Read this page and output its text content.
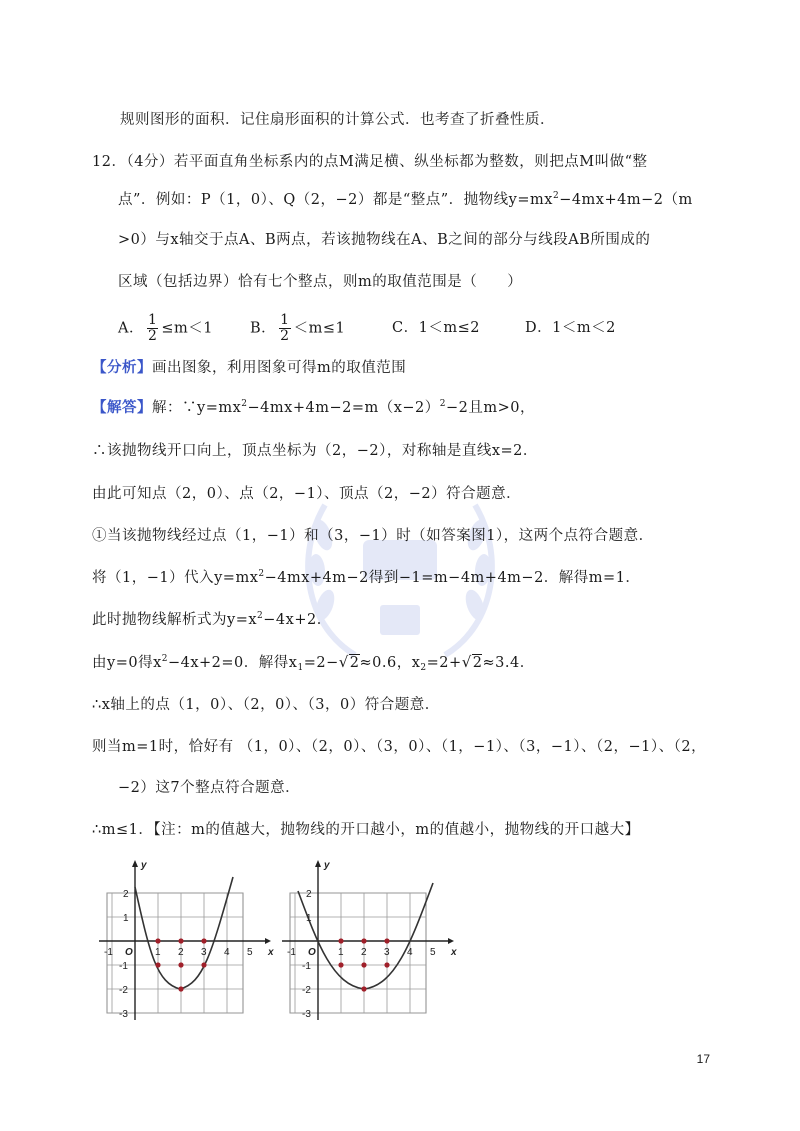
规则图形的面积．记住扇形面积的计算公式．也考查了折叠性质．
12．（4分）若平面直角坐标系内的点M满足横、纵坐标都为整数，则把点M叫做“整
点”．例如：P（1，0）、Q（2，−2）都是“整点”．抛物线$y=mx^2-4mx+4m-2(m$
>0）与x轴交于点A、B两点，若该抛物线在A、B之间的部分与线段AB所围成的
区域（包括边界）恰有七个整点，则m的取值范围是（　　）
A． $\frac{1}{2} \le m<1$	B． $\frac{1}{2} <m\le 1$	C．1＜m≤2	D．1＜m＜2
【分析】画出图象，利用图象可得m的取值范围
【解答】解：$\because y=mx^2-4mx+4m-2=m(x-2)^2-2$且m>0，
∴该抛物线开口向上，顶点坐标为（2，−2），对称轴是直线x=2．
由此可知点（2，0）、点（2，−1）、顶点（2，−2）符合题意．
①当该抛物线经过点（1，−1）和（3，−1）时（如答案图1），这两个点符合题意．
将（1，−1）代入$y=mx^2-4mx+4m-2$得到−1=m−4m+4m−2．解得m=1．
此时抛物线解析式为$y=x^2-4x+2$．
由y=0得$x^2-4x+2=0$．解得$x_1=2-√2\approx 0.6$，$x_2=2+√2\approx 3.4$．
∴x轴上的点（1，0）、（2，0）、（3，0）符合题意．
则当m=1时，恰好有 （1，0）、（2，0）、（3，0）、（1，−1）、（3，−1）、（2，−1）、（2，
−2）这7个整点符合题意．
∴m≤1．【注：m的值越大，抛物线的开口越小，m的值越小，抛物线的开口越大】
y
x
O
-1	1 2 3 4 5
2
1
-1
-2
-3
y
x
O
-1	1 2 3 4 5
2
1
-1
-2
-3
17
